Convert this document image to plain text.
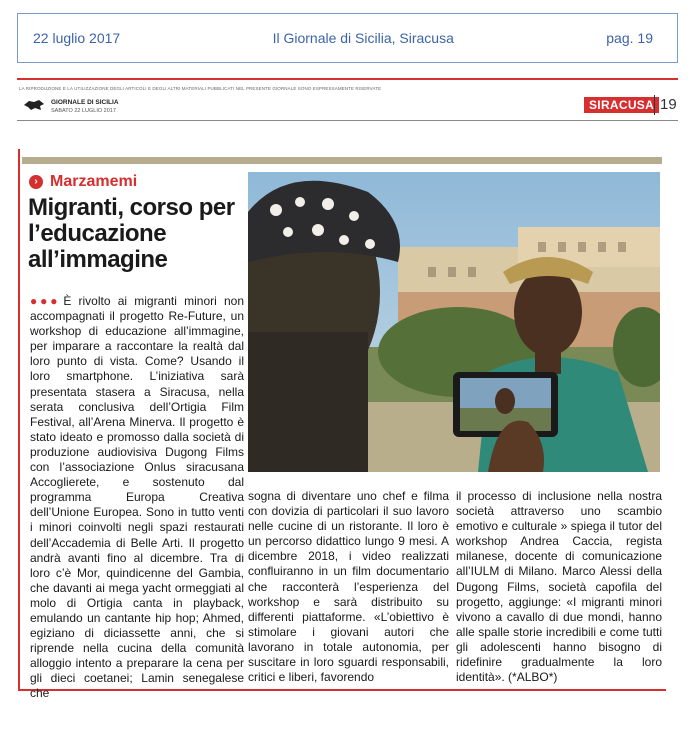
22 luglio 2017	Il Giornale di Sicilia, Siracusa	pag. 19
LA RIPRODUZIONE E LA UTILIZZAZIONE DEGLI ARTICOLI E DEGLI ALTRI MATERIALI PUBBLICATI NEL PRESENTE GIORNALE SONO ESPRESSAMENTE RISERVATE
GIORNALE DI SICILIA
SABATO 22 LUGLIO 2017	SIRACUSA 19
› Marzamemi
Migranti, corso per l’educazione all’immagine

●●● È rivolto ai migranti minori non accompagnati il progetto Re-Future, un workshop di educazione all’immagine, per imparare a raccontare la realtà dal loro punto di vista. Come? Usando il loro smartphone. L’iniziativa sarà presentata stasera a Siracusa, nella serata conclusiva dell’Ortigia Film Festival, all’Arena Minerva. Il progetto è stato ideato e promosso dalla società di produzione audiovisiva Dugong Films con l’associazione Onlus siracusana Accoglierete, e sostenuto dal programma Europa Creativa dell’Unione Europea. Sono in tutto venti i minori coinvolti negli spazi restaurati dell’Accademia di Belle Arti. Il progetto andrà avanti fino al dicembre. Tra di loro c’è Mor, quindicenne del Gambia, che davanti ai mega yacht ormeggiati al molo di Ortigia canta in playback, emulando un cantante hip hop; Ahmed, egiziano di diciassette anni, che si riprende nella cucina della comunità alloggio intento a preparare la cena per gli dieci coetanei; Lamin senegalese che

sogna di diventare uno chef e filma con dovizia di particolari il suo lavoro nelle cucine di un ristorante. Il loro è un percorso didattico lungo 9 mesi. A dicembre 2018, i video realizzati confluiranno in un film documentario che racconterà l’esperienza del workshop e sarà distribuito su differenti piattaforme. «L’obiettivo è stimolare i giovani autori che lavorano in totale autonomia, per suscitare in loro sguardi responsabili, critici e liberi, favorendo

il processo di inclusione nella nostra società attraverso uno scambio emotivo e culturale » spiega il tutor del workshop Andrea Caccia, regista milanese, docente di comunicazione all’IULM di Milano. Marco Alessi della Dugong Films, società capofila del progetto, aggiunge: «I migranti minori vivono a cavallo di due mondi, hanno alle spalle storie incredibili e come tutti gli adolescenti hanno bisogno di ridefinire gradualmente la loro identità». (*ALBO*)
